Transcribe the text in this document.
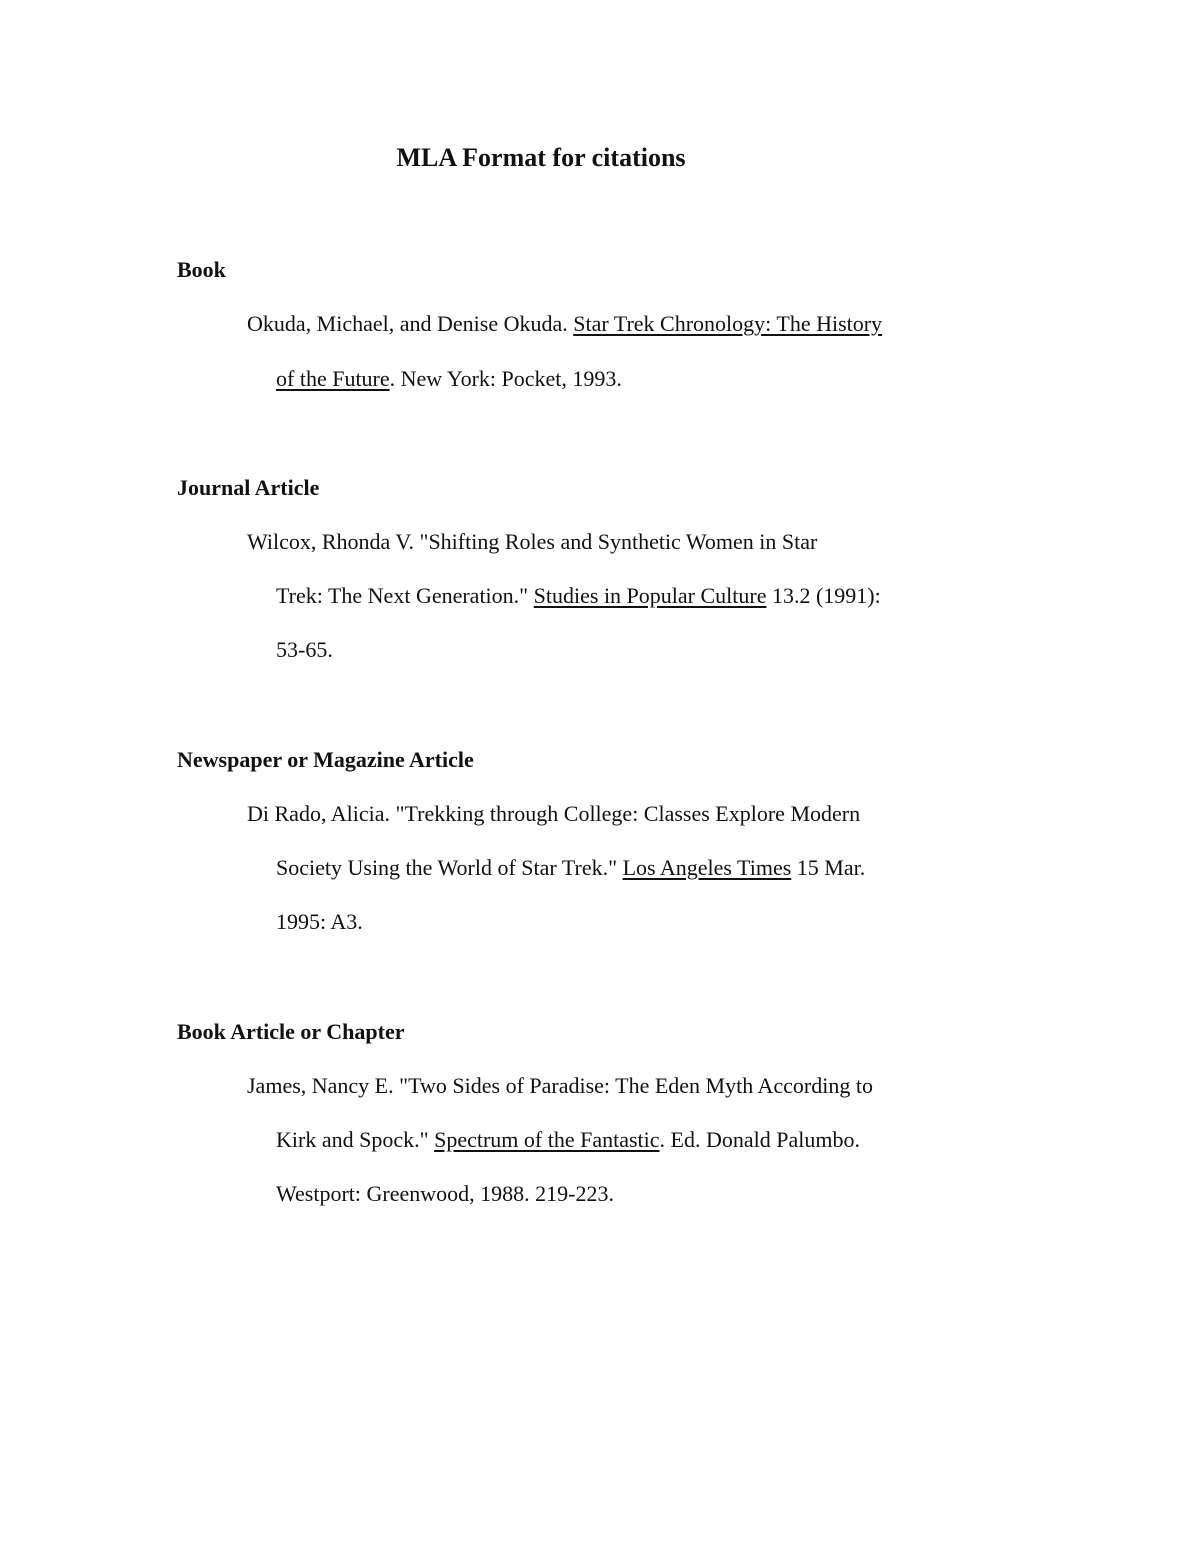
MLA Format for citations
Book
Okuda, Michael, and Denise Okuda. Star Trek Chronology: The History
of the Future. New York: Pocket, 1993.
Journal Article
Wilcox, Rhonda V. "Shifting Roles and Synthetic Women in Star
Trek: The Next Generation." Studies in Popular Culture 13.2 (1991):
53-65.
Newspaper or Magazine Article
Di Rado, Alicia. "Trekking through College: Classes Explore Modern
Society Using the World of Star Trek." Los Angeles Times 15 Mar.
1995: A3.
Book Article or Chapter
James, Nancy E. "Two Sides of Paradise: The Eden Myth According to
Kirk and Spock." Spectrum of the Fantastic. Ed. Donald Palumbo.
Westport: Greenwood, 1988. 219-223.
